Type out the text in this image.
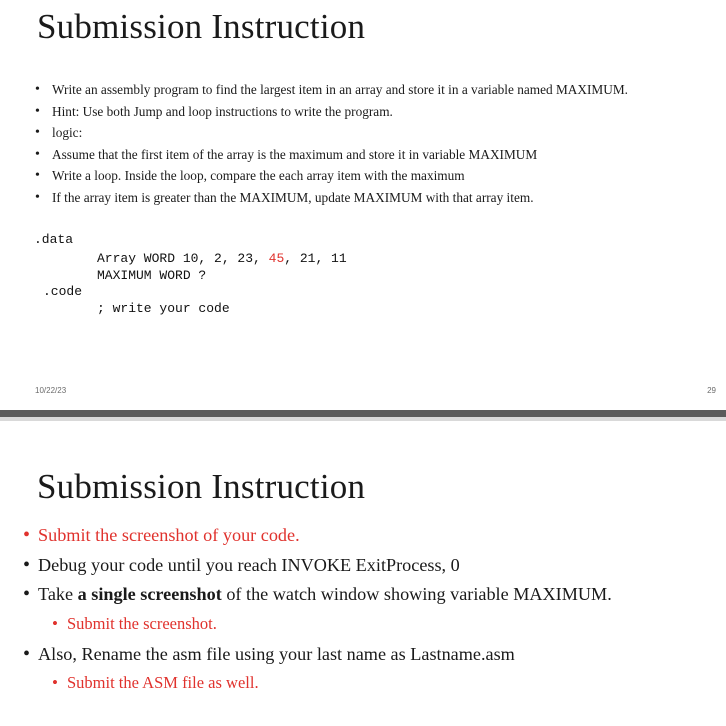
Submission Instruction
• Write an assembly program to find the largest item in an array and store it in a variable named MAXIMUM.
• Hint: Use both Jump and loop instructions to write the program.
• logic:
• Assume that the first item of the array is the maximum and store it in variable MAXIMUM
• Write a loop. Inside the loop, compare the each array item with the maximum
• If the array item is greater than the MAXIMUM, update MAXIMUM with that array item.
.data
Array WORD 10, 2, 23, 45, 21, 11
MAXIMUM WORD ?
.code
; write your code
10/22/23	29
Submission Instruction
• Submit the screenshot of your code.
• Debug your code until you reach INVOKE ExitProcess, 0
• Take a single screenshot of the watch window showing variable MAXIMUM.
• Submit the screenshot.
• Also, Rename the asm file using your last name as Lastname.asm
• Submit the ASM file as well.
